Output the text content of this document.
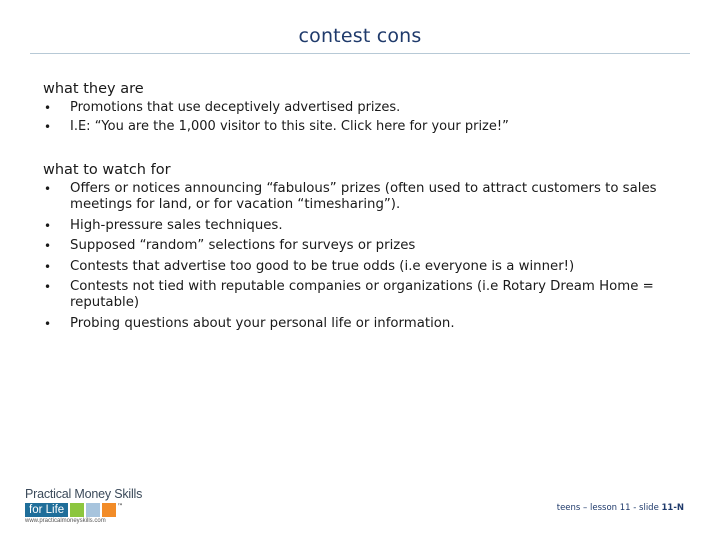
contest cons
what they are
• Promotions that use deceptively advertised prizes.
• I.E: “You are the 1,000 visitor to this site. Click here for your prize!”
what to watch for
• Offers or notices announcing “fabulous” prizes (often used to attract customers to sales meetings for land, or for vacation “timesharing”).
• High-pressure sales techniques.
• Supposed “random” selections for surveys or prizes
• Contests that advertise too good to be true odds (i.e everyone is a winner!)
• Contests not tied with reputable companies or organizations (i.e Rotary Dream Home = reputable)
• Probing questions about your personal life or information.
Practical Money Skills
for Life	™
www.practicalmoneyskills.com
teens – lesson 11 - slide 11-N
